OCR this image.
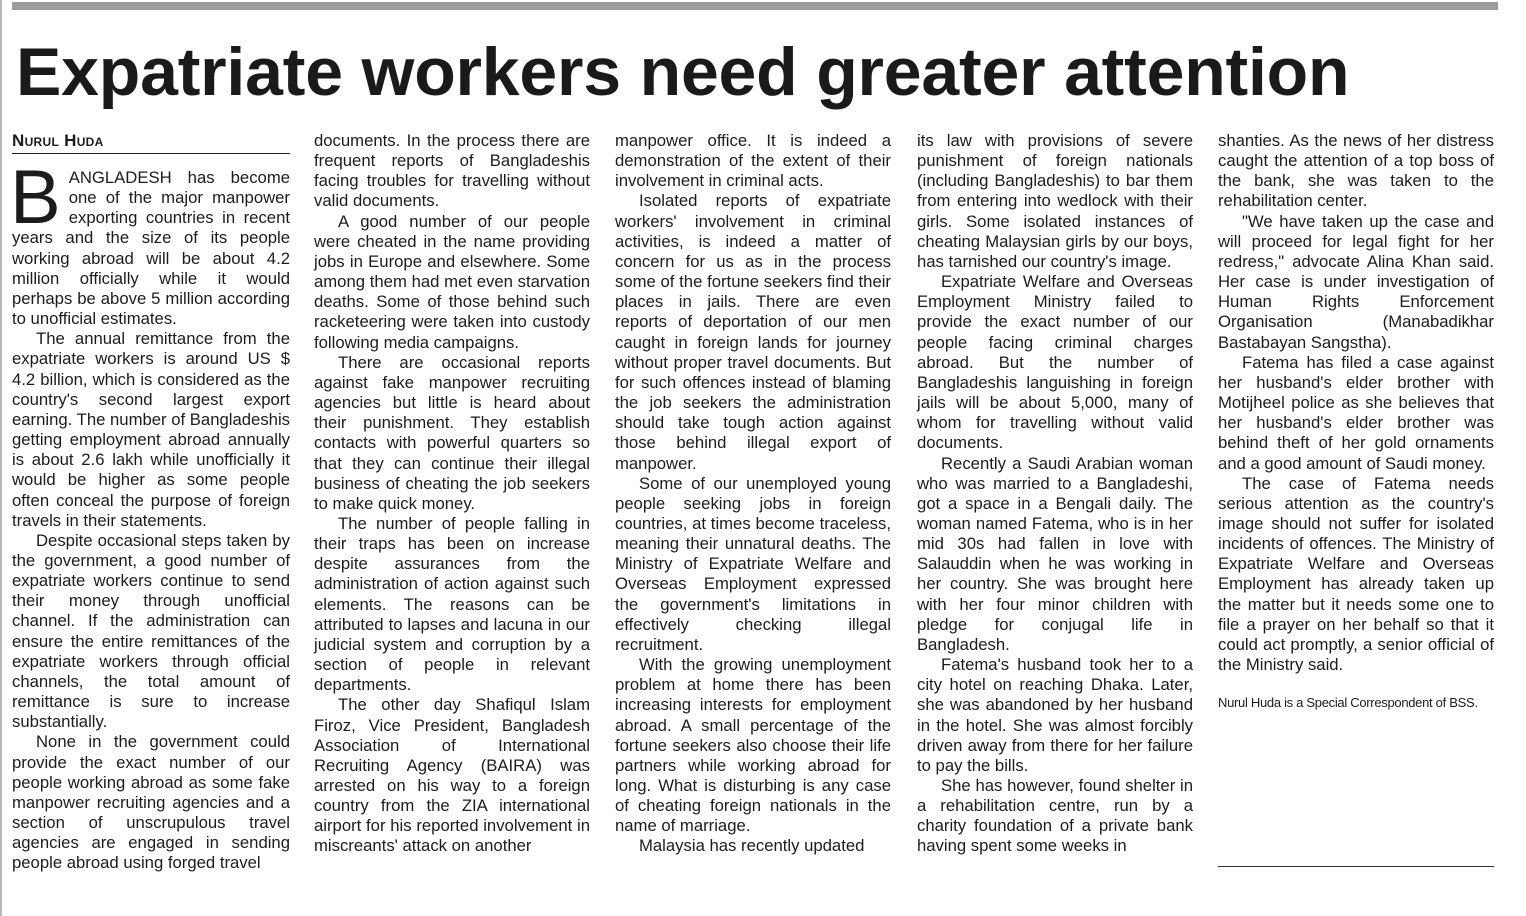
Expatriate workers need greater attention
Nurul Huda

BANGLADESH has become one of the major manpower exporting countries in recent years and the size of its people working abroad will be about 4.2 million officially while it would perhaps be above 5 million according to unofficial estimates.

The annual remittance from the expatriate workers is around US $ 4.2 billion, which is considered as the country's second largest export earning. The number of Bangladeshis getting employment abroad annually is about 2.6 lakh while unofficially it would be higher as some people often conceal the purpose of foreign travels in their statements.

Despite occasional steps taken by the government, a good number of expatriate workers continue to send their money through unofficial channel. If the administration can ensure the entire remittances of the expatriate workers through official channels, the total amount of remittance is sure to increase substantially.

None in the government could provide the exact number of our people working abroad as some fake manpower recruiting agencies and a section of unscrupulous travel agencies are engaged in sending people abroad using forged travel

documents. In the process there are frequent reports of Bangladeshis facing troubles for travelling without valid documents.

A good number of our people were cheated in the name providing jobs in Europe and elsewhere. Some among them had met even starvation deaths. Some of those behind such racketeering were taken into custody following media campaigns.

There are occasional reports against fake manpower recruiting agencies but little is heard about their punishment. They establish contacts with powerful quarters so that they can continue their illegal business of cheating the job seekers to make quick money.

The number of people falling in their traps has been on increase despite assurances from the administration of action against such elements. The reasons can be attributed to lapses and lacuna in our judicial system and corruption by a section of people in relevant departments.

The other day Shafiqul Islam Firoz, Vice President, Bangladesh Association of International Recruiting Agency (BAIRA) was arrested on his way to a foreign country from the ZIA international airport for his reported involvement in miscreants' attack on another

manpower office. It is indeed a demonstration of the extent of their involvement in criminal acts.

Isolated reports of expatriate workers' involvement in criminal activities, is indeed a matter of concern for us as in the process some of the fortune seekers find their places in jails. There are even reports of deportation of our men caught in foreign lands for journey without proper travel documents. But for such offences instead of blaming the job seekers the administration should take tough action against those behind illegal export of manpower.

Some of our unemployed young people seeking jobs in foreign countries, at times become traceless, meaning their unnatural deaths. The Ministry of Expatriate Welfare and Overseas Employment expressed the government's limitations in effectively checking illegal recruitment.

With the growing unemployment problem at home there has been increasing interests for employment abroad. A small percentage of the fortune seekers also choose their life partners while working abroad for long. What is disturbing is any case of cheating foreign nationals in the name of marriage.

Malaysia has recently updated

its law with provisions of severe punishment of foreign nationals (including Bangladeshis) to bar them from entering into wedlock with their girls. Some isolated instances of cheating Malaysian girls by our boys, has tarnished our country's image.

Expatriate Welfare and Overseas Employment Ministry failed to provide the exact number of our people facing criminal charges abroad. But the number of Bangladeshis languishing in foreign jails will be about 5,000, many of whom for travelling without valid documents.

Recently a Saudi Arabian woman who was married to a Bangladeshi, got a space in a Bengali daily. The woman named Fatema, who is in her mid 30s had fallen in love with Salauddin when he was working in her country. She was brought here with her four minor children with pledge for conjugal life in Bangladesh.

Fatema's husband took her to a city hotel on reaching Dhaka. Later, she was abandoned by her husband in the hotel. She was almost forcibly driven away from there for her failure to pay the bills.

She has however, found shelter in a rehabilitation centre, run by a charity foundation of a private bank having spent some weeks in

shanties. As the news of her distress caught the attention of a top boss of the bank, she was taken to the rehabilitation center.

"We have taken up the case and will proceed for legal fight for her redress," advocate Alina Khan said. Her case is under investigation of Human Rights Enforcement Organisation (Manabadikhar Bastabayan Sangstha).

Fatema has filed a case against her husband's elder brother with Motijheel police as she believes that her husband's elder brother was behind theft of her gold ornaments and a good amount of Saudi money.

The case of Fatema needs serious attention as the country's image should not suffer for isolated incidents of offences. The Ministry of Expatriate Welfare and Overseas Employment has already taken up the matter but it needs some one to file a prayer on her behalf so that it could act promptly, a senior official of the Ministry said.

Nurul Huda is a Special Correspondent of BSS.
